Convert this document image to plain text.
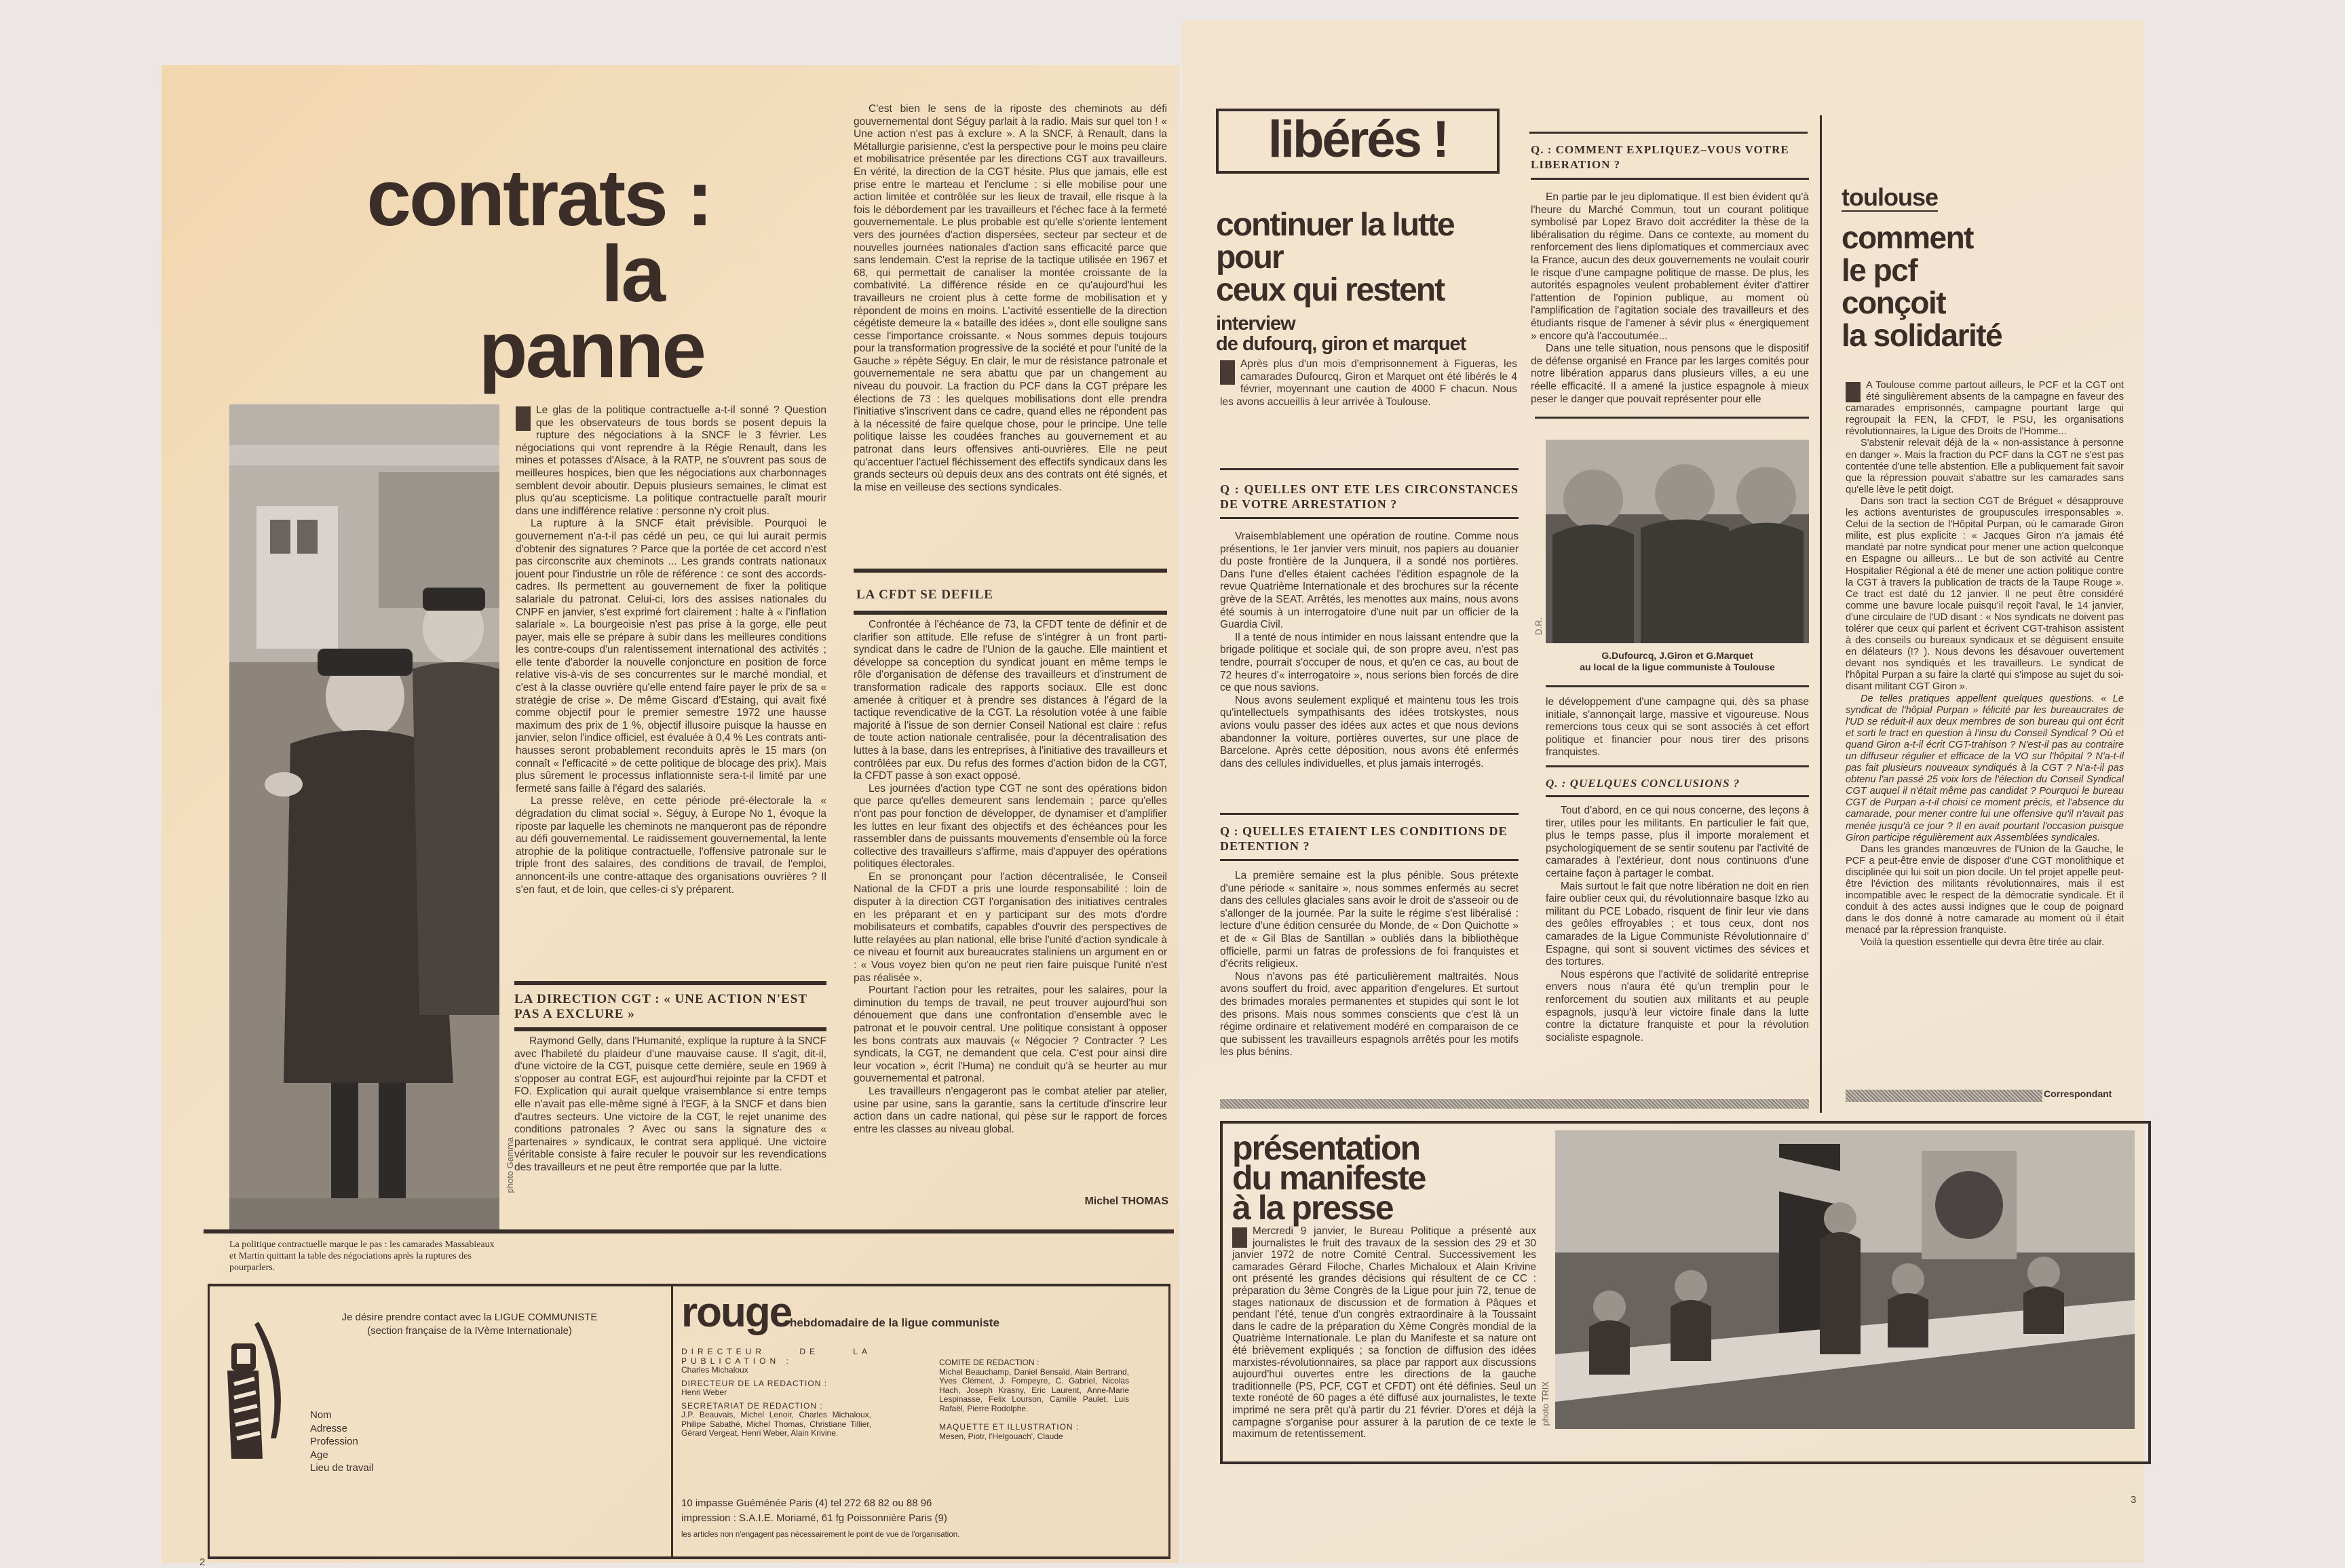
contrats :
la
panne
photo Gamma
La politique contractuelle marque le pas : les camarades Massabieaux et Martin quittant la table des négociations après la ruptures des pourparlers.

Le glas de la politique contractuelle a-t-il sonné ? Question que les observateurs de tous bords se posent depuis la rupture des négociations à la SNCF le 3 février. Les négociations qui vont reprendre à la Régie Renault, dans les mines et potasses d'Alsace, à la RATP, ne s'ouvrent pas sous de meilleures hospices, bien que les négociations aux charbonnages semblent devoir aboutir. Depuis plusieurs semaines, le climat est plus qu'au scepticisme. La politique contractuelle paraît mourir dans une indifférence relative : personne n'y croit plus.

La rupture à la SNCF était prévisible. Pourquoi le gouvernement n'a-t-il pas cédé un peu, ce qui lui aurait permis d'obtenir des signatures ? Parce que la portée de cet accord n'est pas circonscrite aux cheminots ... Les grands contrats nationaux jouent pour l'industrie un rôle de référence : ce sont des accords-cadres. Ils permettent au gouvernement de fixer la politique salariale du patronat. Celui-ci, lors des assises nationales du CNPF en janvier, s'est exprimé fort clairement : halte à « l'inflation salariale ». La bourgeoisie n'est pas prise à la gorge, elle peut payer, mais elle se prépare à subir dans les meilleures conditions les contre-coups d'un ralentissement international des activités ; elle tente d'aborder la nouvelle conjoncture en position de force relative vis-à-vis de ses concurrentes sur le marché mondial, et c'est à la classe ouvrière qu'elle entend faire payer le prix de sa « stratégie de crise ». De même Giscard d'Estaing, qui avait fixé comme objectif pour le premier semestre 1972 une hausse maximum des prix de 1 %, objectif illusoire puisque la hausse en janvier, selon l'indice officiel, est évaluée à 0,4 % Les contrats anti-hausses seront probablement reconduits après le 15 mars (on connaît « l'efficacité » de cette politique de blocage des prix). Mais plus sûrement le processus inflationniste sera-t-il limité par une fermeté sans faille à l'égard des salariés.

La presse relève, en cette période pré-électorale la « dégradation du climat social ». Séguy, à Europe No 1, évoque la riposte par laquelle les cheminots ne manqueront pas de répondre au défi gouvernemental. Le raidissement gouvernemental, la lente atrophie de la politique contractuelle, l'offensive patronale sur le triple front des salaires, des conditions de travail, de l'emploi, annoncent-ils une contre-attaque des organisations ouvrières ? Il s'en faut, et de loin, que celles-ci s'y préparent.

LA DIRECTION CGT : « UNE ACTION N'EST PAS A EXCLURE »

Raymond Gelly, dans l'Humanité, explique la rupture à la SNCF avec l'habileté du plaideur d'une mauvaise cause. Il s'agit, dit-il, d'une victoire de la CGT, puisque cette dernière, seule en 1969 à s'opposer au contrat EGF, est aujourd'hui rejointe par la CFDT et FO. Explication qui aurait quelque vraisemblance si entre temps elle n'avait pas elle-même signé à l'EGF, à la SNCF et dans bien d'autres secteurs. Une victoire de la CGT, le rejet unanime des conditions patronales ? Avec ou sans la signature des « partenaires » syndicaux, le contrat sera appliqué. Une victoire véritable consiste à faire reculer le pouvoir sur les revendications des travailleurs et ne peut être remportée que par la lutte.

C'est bien le sens de la riposte des cheminots au défi gouvernemental dont Séguy parlait à la radio. Mais sur quel ton ! « Une action n'est pas à exclure ». A la SNCF, à Renault, dans la Métallurgie parisienne, c'est la perspective pour le moins peu claire et mobilisatrice présentée par les directions CGT aux travailleurs. En vérité, la direction de la CGT hésite. Plus que jamais, elle est prise entre le marteau et l'enclume : si elle mobilise pour une action limitée et contrôlée sur les lieux de travail, elle risque à la fois le débordement par les travailleurs et l'échec face à la fermeté gouvernementale. Le plus probable est qu'elle s'oriente lentement vers des journées d'action dispersées, secteur par secteur et de nouvelles journées nationales d'action sans efficacité parce que sans lendemain. C'est la reprise de la tactique utilisée en 1967 et 68, qui permettait de canaliser la montée croissante de la combativité. La différence réside en ce qu'aujourd'hui les travailleurs ne croient plus à cette forme de mobilisation et y répondent de moins en moins. L'activité essentielle de la direction cégétiste demeure la « bataille des idées », dont elle souligne sans cesse l'importance croissante. « Nous sommes depuis toujours pour la transformation progressive de la société et pour l'unité de la Gauche » répète Séguy. En clair, le mur de résistance patronale et gouvernementale ne sera abattu que par un changement au niveau du pouvoir. La fraction du PCF dans la CGT prépare les élections de 73 : les quelques mobilisations dont elle prendra l'initiative s'inscrivent dans ce cadre, quand elles ne répondent pas à la nécessité de faire quelque chose, pour le principe. Une telle politique laisse les coudées franches au gouvernement et au patronat dans leurs offensives anti-ouvrières. Elle ne peut qu'accentuer l'actuel fléchissement des effectifs syndicaux dans les grands secteurs où depuis deux ans des contrats ont été signés, et la mise en veilleuse des sections syndicales.

LA CFDT SE DEFILE

Confrontée à l'échéance de 73, la CFDT tente de définir et de clarifier son attitude. Elle refuse de s'intégrer à un front parti-syndicat dans le cadre de l'Union de la gauche. Elle maintient et développe sa conception du syndicat jouant en même temps le rôle d'organisation de défense des travailleurs et d'instrument de transformation radicale des rapports sociaux. Elle est donc amenée à critiquer et à prendre ses distances à l'égard de la tactique revendicative de la CGT. La résolution votée à une faible majorité à l'issue de son dernier Conseil National est claire : refus de toute action nationale centralisée, pour la décentralisation des luttes à la base, dans les entreprises, à l'initiative des travailleurs et contrôlées par eux. Du refus des formes d'action bidon de la CGT, la CFDT passe à son exact opposé.

Les journées d'action type CGT ne sont des opérations bidon que parce qu'elles demeurent sans lendemain ; parce qu'elles n'ont pas pour fonction de développer, de dynamiser et d'amplifier les luttes en leur fixant des objectifs et des échéances pour les rassembler dans de puissants mouvements d'ensemble où la force collective des travailleurs s'affirme, mais d'appuyer des opérations politiques électorales.

En se prononçant pour l'action décentralisée, le Conseil National de la CFDT a pris une lourde responsabilité : loin de disputer à la direction CGT l'organisation des initiatives centrales en les préparant et en y participant sur des mots d'ordre mobilisateurs et combatifs, capables d'ouvrir des perspectives de lutte relayées au plan national, elle brise l'unité d'action syndicale à ce niveau et fournit aux bureaucrates staliniens un argument en or : « Vous voyez bien qu'on ne peut rien faire puisque l'unité n'est pas réalisée ».

Pourtant l'action pour les retraites, pour les salaires, pour la diminution du temps de travail, ne peut trouver aujourd'hui son dénouement que dans une confrontation d'ensemble avec le patronat et le pouvoir central. Une politique consistant à opposer les bons contrats aux mauvais (« Négocier ? Contracter ? Les syndicats, la CGT, ne demandent que cela. C'est pour ainsi dire leur vocation », écrit l'Huma) ne conduit qu'à se heurter au mur gouvernemental et patronal.

Les travailleurs n'engageront pas le combat atelier par atelier, usine par usine, sans la garantie, sans la certitude d'inscrire leur action dans un cadre national, qui pèse sur le rapport de forces entre les classes au niveau global.

Michel THOMAS
Je désire prendre contact avec la LIGUE COMMUNISTE
(section française de la IVème Internationale)
Nom
Adresse
Profession
Age
Lieu de travail
rouge
hebdomadaire de la ligue communiste
DIRECTEUR DE LA PUBLICATION :
Charles Michaloux
DIRECTEUR DE LA REDACTION :
Henri Weber
SECRETARIAT DE REDACTION :
J.P. Beauvais, Michel Lenoir, Charles Michaloux, Philipe Sabathé, Michel Thomas, Christiane Tillier, Gérard Vergeat, Henri Weber, Alain Krivine.
COMITE DE REDACTION :
Michel Beauchamp, Daniel Bensaïd, Alain Bertrand, Yves Clément, J. Fompeyre, C. Gabriel, Nicolas Hach, Joseph Krasny, Eric Laurent, Anne-Marie Lespinasse, Felix Lourson, Camille Paulet, Luis Rafaël, Pierre Rodolphe.
MAQUETTE ET ILLUSTRATION :
Mesen, Piotr, l'Helgouach', Claude
10 impasse Guéménée Paris (4) tel 272 68 82 ou 88 96
impression : S.A.I.E. Moriamé, 61 fg Poissonnière Paris (9)
les articles non n'engagent pas nécessairement le point de vue de l'organisation.
2
libérés !
continuer la lutte
pour
ceux qui restent
interview
de dufourq, giron et marquet

Après plus d'un mois d'emprisonnement à Figueras, les camarades Dufourcq, Giron et Marquet ont été libérés le 4 février, moyennant une caution de 4000 F chacun. Nous les avons accueillis à leur arrivée à Toulouse.

Q : QUELLES ONT ETE LES CIRCONSTANCES DE VOTRE ARRESTATION ?

Vraisemblablement une opération de routine. Comme nous présentions, le 1er janvier vers minuit, nos papiers au douanier du poste frontière de la Junquera, il a sondé nos portières. Dans l'une d'elles étaient cachées l'édition espagnole de la revue Quatrième Internationale et des brochures sur la récente grève de la SEAT. Arrêtés, les menottes aux mains, nous avons été soumis à un interrogatoire d'une nuit par un officier de la Guardia Civil.

Il a tenté de nous intimider en nous laissant entendre que la brigade politique et sociale qui, de son propre aveu, n'est pas tendre, pourrait s'occuper de nous, et qu'en ce cas, au bout de 72 heures d'« interrogatoire », nous serions bien forcés de dire ce que nous savions.

Nous avons seulement expliqué et maintenu tous les trois qu'intellectuels sympathisants des idées trotskystes, nous avions voulu passer des idées aux actes et que nous devions abandonner la voiture, portières ouvertes, sur une place de Barcelone. Après cette déposition, nous avons été enfermés dans des cellules individuelles, et plus jamais interrogés.

Q : QUELLES ETAIENT LES CONDITIONS DE DETENTION ?

La première semaine est la plus pénible. Sous prétexte d'une période « sanitaire », nous sommes enfermés au secret dans des cellules glaciales sans avoir le droit de s'asseoir ou de s'allonger de la journée. Par la suite le régime s'est libéralisé : lecture d'une édition censurée du Monde, de « Don Quichotte » et de « Gil Blas de Santillan » oubliés dans la bibliothèque officielle, parmi un fatras de professions de foi franquistes et d'écrits religieux.

Nous n'avons pas été particulièrement maltraités. Nous avons souffert du froid, avec apparition d'engelures. Et surtout des brimades morales permanentes et stupides qui sont le lot des prisons. Mais nous sommes conscients que c'est là un régime ordinaire et relativement modéré en comparaison de ce que subissent les travailleurs espagnols arrêtés pour les motifs les plus bénins.

Q. : COMMENT EXPLIQUEZ–VOUS VOTRE LIBERATION ?

En partie par le jeu diplomatique. Il est bien évident qu'à l'heure du Marché Commun, tout un courant politique symbolisé par Lopez Bravo doit accréditer la thèse de la libéralisation du régime. Dans ce contexte, au moment du renforcement des liens diplomatiques et commerciaux avec la France, aucun des deux gouvernements ne voulait courir le risque d'une campagne politique de masse. De plus, les autorités espagnoles veulent probablement éviter d'attirer l'attention de l'opinion publique, au moment où l'amplification de l'agitation sociale des travailleurs et des étudiants risque de l'amener à sévir plus « énergiquement » encore qu'à l'accoutumée...

Dans une telle situation, nous pensons que le dispositif de défense organisé en France par les larges comités pour notre libération apparus dans plusieurs villes, a eu une réelle efficacité. Il a amené la justice espagnole à mieux peser le danger que pouvait représenter pour elle

D.R.
G.Dufourcq, J.Giron et G.Marquet
au local de la ligue communiste à Toulouse

le développement d'une campagne qui, dès sa phase initiale, s'annonçait large, massive et vigoureuse. Nous remercions tous ceux qui se sont associés à cet effort politique et financier pour nous tirer des prisons franquistes.

Q. : QUELQUES CONCLUSIONS ?

Tout d'abord, en ce qui nous concerne, des leçons à tirer, utiles pour les militants. En particulier le fait que, plus le temps passe, plus il importe moralement et psychologiquement de se sentir soutenu par l'activité de camarades à l'extérieur, dont nous continuons d'une certaine façon à partager le combat.

Mais surtout le fait que notre libération ne doit en rien faire oublier ceux qui, du révolutionnaire basque Izko au militant du PCE Lobado, risquent de finir leur vie dans des geôles effroyables ; et tous ceux, dont nos camarades de la Ligue Communiste Révolutionnaire d' Espagne, qui sont si souvent victimes des sévices et des tortures.

Nous espérons que l'activité de solidarité entreprise envers nous n'aura été qu'un tremplin pour le renforcement du soutien aux militants et au peuple espagnols, jusqu'à leur victoire finale dans la lutte contre la dictature franquiste et pour la révolution socialiste espagnole.

toulouse
comment
le pcf
conçoit
la solidarité

A Toulouse comme partout ailleurs, le PCF et la CGT ont été singulièrement absents de la campagne en faveur des camarades emprisonnés, campagne pourtant large qui regroupait la FEN, la CFDT, le PSU, les organisations révolutionnaires, la Ligue des Droits de l'Homme...

S'abstenir relevait déjà de la « non-assistance à personne en danger ». Mais la fraction du PCF dans la CGT ne s'est pas contentée d'une telle abstention. Elle a publiquement fait savoir que la répression pouvait s'abattre sur les camarades sans qu'elle lève le petit doigt.

Dans son tract la section CGT de Bréguet « désapprouve les actions aventuristes de groupuscules irresponsables ». Celui de la section de l'Hôpital Purpan, où le camarade Giron milite, est plus explicite : « Jacques Giron n'a jamais été mandaté par notre syndicat pour mener une action quelconque en Espagne ou ailleurs... Le but de son activité au Centre Hospitalier Régional a été de mener une action politique contre la CGT à travers la publication de tracts de la Taupe Rouge ». Ce tract est daté du 12 janvier. Il ne peut être considéré comme une bavure locale puisqu'il reçoit l'aval, le 14 janvier, d'une circulaire de l'UD disant : « Nos syndicats ne doivent pas tolérer que ceux qui parlent et écrivent CGT-trahison assistent à des conseils ou bureaux syndicaux et se déguisent ensuite en délateurs (!? ). Nous devons les désavouer ouvertement devant nos syndiqués et les travailleurs. Le syndicat de l'hôpital Purpan a su faire la clarté qui s'impose au sujet du soi-disant militant CGT Giron ».

De telles pratiques appellent quelques questions. « Le syndicat de l'hôpial Purpan » félicité par les bureaucrates de l'UD se réduit-il aux deux membres de son bureau qui ont écrit et sorti le tract en question à l'insu du Conseil Syndical ? Où et quand Giron a-t-il écrit CGT-trahison ? N'est-il pas au contraire un diffuseur régulier et efficace de la VO sur l'hôpital ? N'a-t-il pas fait plusieurs nouveaux syndiqués à la CGT ? N'a-t-il pas obtenu l'an passé 25 voix lors de l'élection du Conseil Syndical CGT auquel il n'était même pas candidat ? Pourquoi le bureau CGT de Purpan a-t-il choisi ce moment précis, et l'absence du camarade, pour mener contre lui une offensive qu'il n'avait pas menée jusqu'à ce jour ? Il en avait pourtant l'occasion puisque Giron participe régulièrement aux Assemblées syndicales.

Dans les grandes manœuvres de l'Union de la Gauche, le PCF a peut-être envie de disposer d'une CGT monolithique et disciplinée qui lui soit un pion docile. Un tel projet appelle peut-être l'éviction des militants révolutionnaires, mais il est incompatible avec le respect de la démocratie syndicale. Et il conduit à des actes aussi indignes que le coup de poignard dans le dos donné à notre camarade au moment où il était menacé par la répression franquiste.

Voilà la question essentielle qui devra être tirée au clair.

Correspondant
présentation
du manifeste
à la presse

Mercredi 9 janvier, le Bureau Politique a présenté aux journalistes le fruit des travaux de la session des 29 et 30 janvier 1972 de notre Comité Central. Successivement les camarades Gérard Filoche, Charles Michaloux et Alain Krivine ont présenté les grandes décisions qui résultent de ce CC : préparation du 3ème Congrès de la Ligue pour juin 72, tenue de stages nationaux de discussion et de formation à Pâques et pendant l'été, tenue d'un congrès extraordinaire à la Toussaint dans le cadre de la préparation du Xème Congrès mondial de la Quatrième Internationale. Le plan du Manifeste et sa nature ont été brièvement expliqués ; sa fonction de diffusion des idées marxistes-révolutionnaires, sa place par rapport aux discussions aujourd'hui ouvertes entre les directions de la gauche traditionnelle (PS, PCF, CGT et CFDT) ont été définies. Seul un texte ronéoté de 60 pages a été diffusé aux journalistes, le texte imprimé ne sera prêt qu'à partir du 21 février. D'ores et déjà la campagne s'organise pour assurer à la parution de ce texte le maximum de retentissement.

photo TRIX
3
